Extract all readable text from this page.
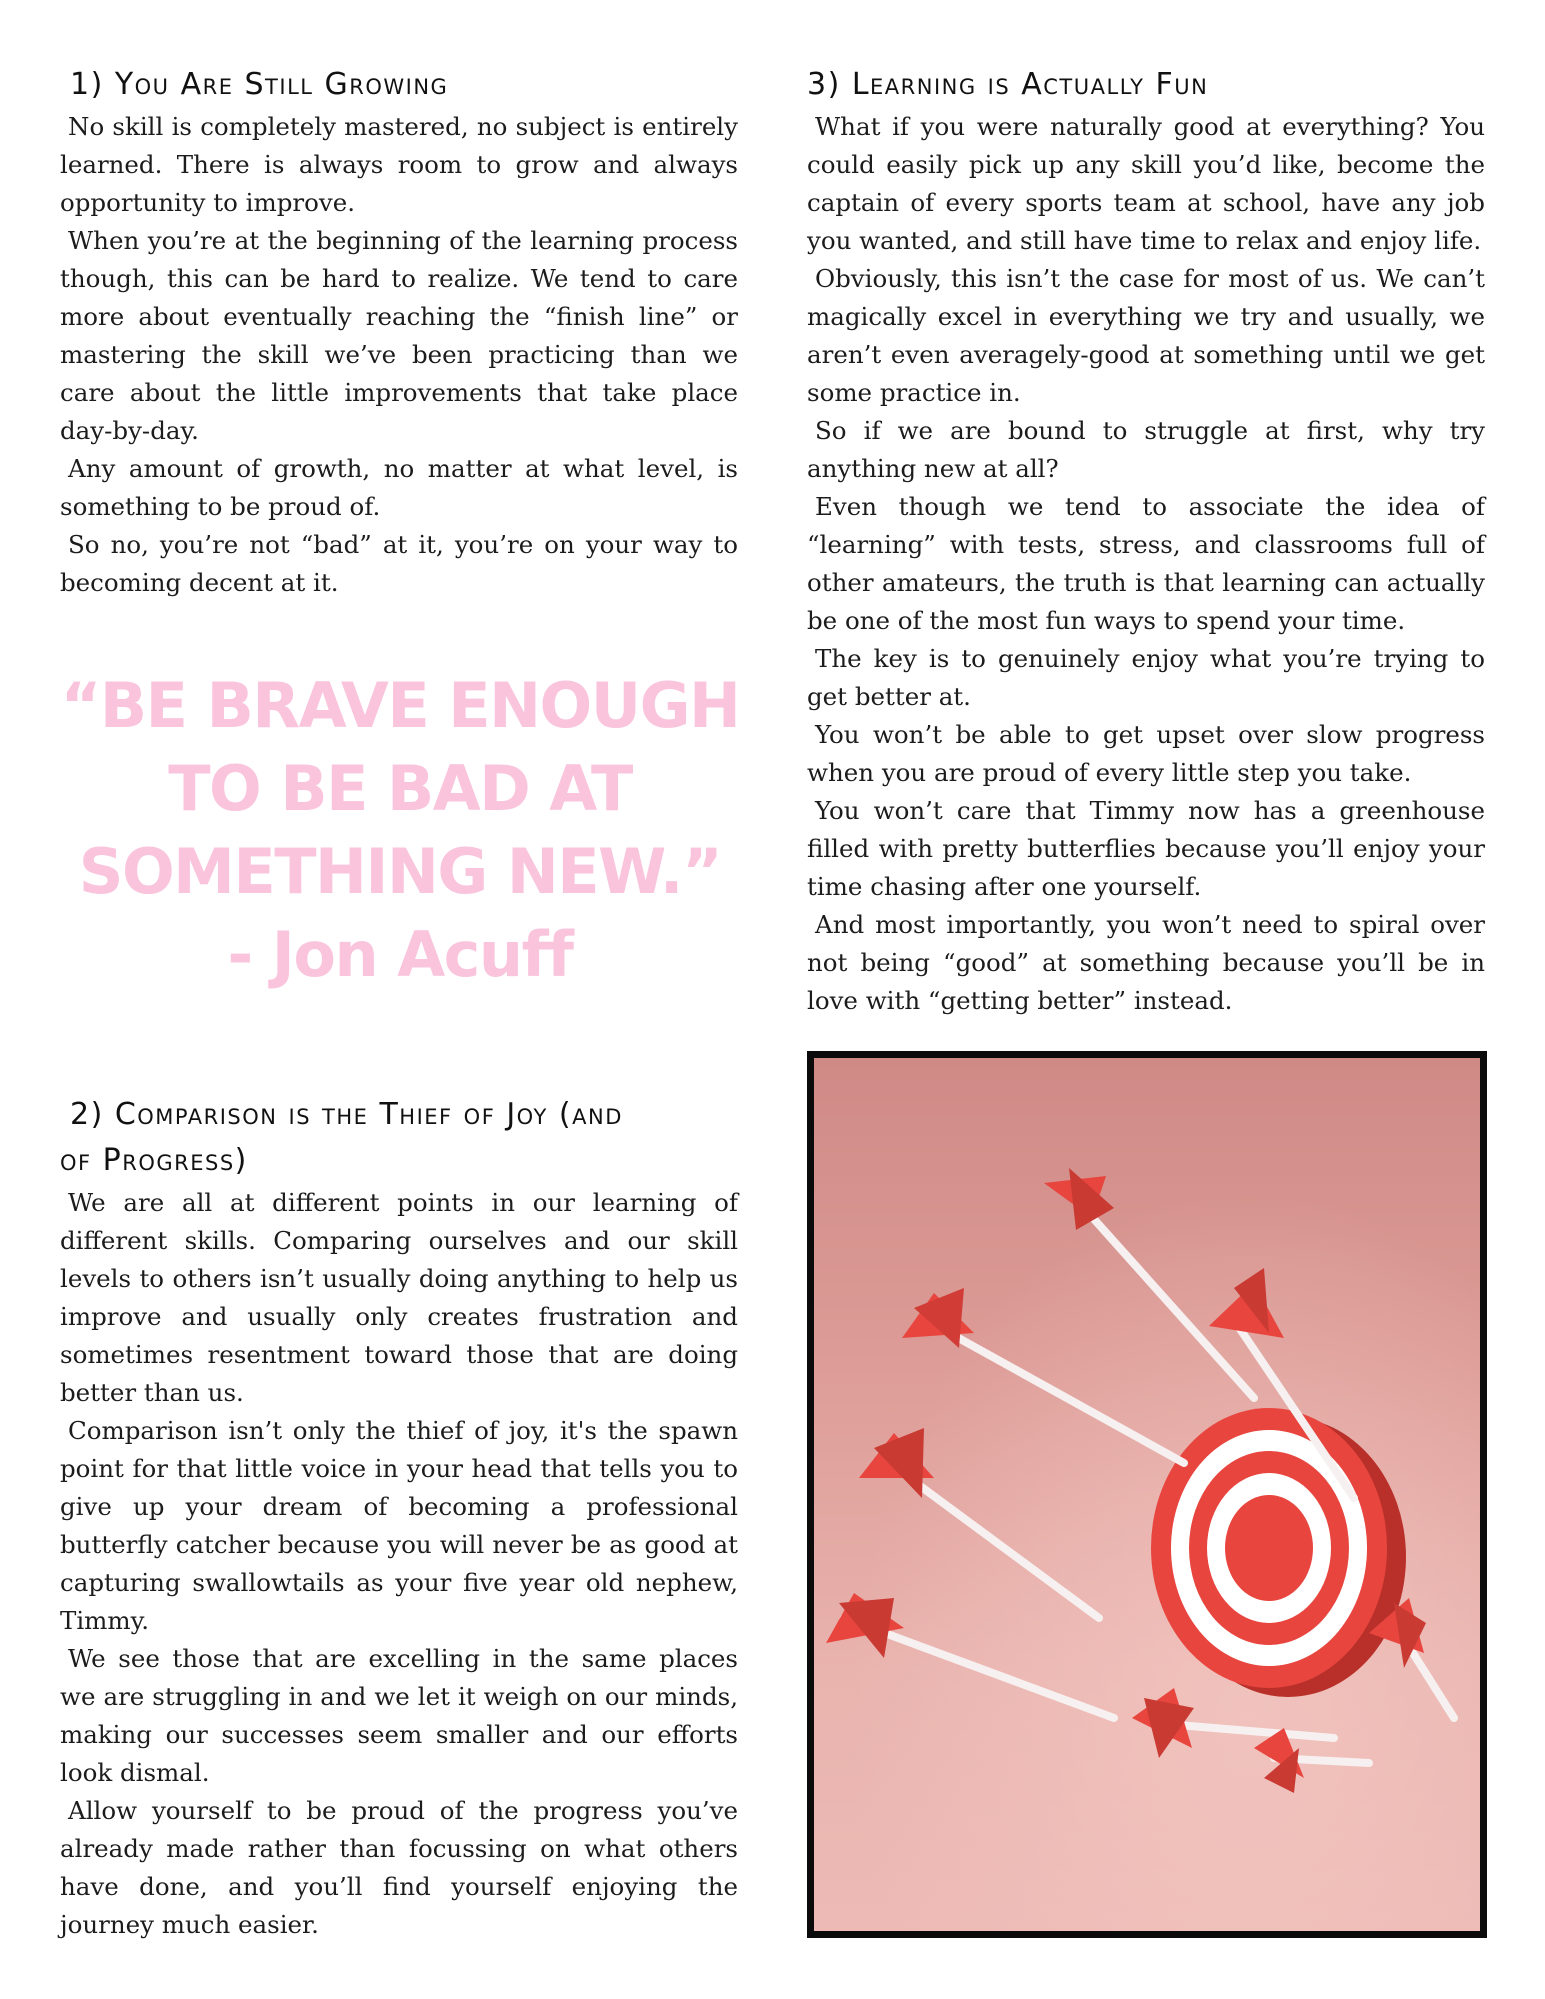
1) You Are Still Growing

No skill is completely mastered, no subject is entirely learned. There is always room to grow and always opportunity to improve.

When you’re at the beginning of the learning process though, this can be hard to realize. We tend to care more about eventually reaching the “finish line” or mastering the skill we’ve been practicing than we care about the little improvements that take place day-by-day.

Any amount of growth, no matter at what level, is something to be proud of.

So no, you’re not “bad” at it, you’re on your way to becoming decent at it.

“BE BRAVE ENOUGH
TO BE BAD AT
SOMETHING NEW.”
- Jon Acuff
2) Comparison is the Thief of Joy (and
of Progress)

We are all at different points in our learning of different skills. Comparing ourselves and our skill levels to others isn’t usually doing anything to help us improve and usually only creates frustration and sometimes resentment toward those that are doing better than us.

Comparison isn’t only the thief of joy, it's the spawn point for that little voice in your head that tells you to give up your dream of becoming a professional butterfly catcher because you will never be as good at capturing swallowtails as your five year old nephew, Timmy.

We see those that are excelling in the same places we are struggling in and we let it weigh on our minds, making our successes seem smaller and our efforts look dismal.

Allow yourself to be proud of the progress you’ve already made rather than focussing on what others have done, and you’ll find yourself enjoying the journey much easier.

3) Learning is Actually Fun

What if you were naturally good at everything? You could easily pick up any skill you’d like, become the captain of every sports team at school, have any job you wanted, and still have time to relax and enjoy life.

Obviously, this isn’t the case for most of us. We can’t magically excel in everything we try and usually, we aren’t even averagely-good at something until we get some practice in.

So if we are bound to struggle at first, why try anything new at all?

Even though we tend to associate the idea of “learning” with tests, stress, and classrooms full of other amateurs, the truth is that learning can actually be one of the most fun ways to spend your time.

The key is to genuinely enjoy what you’re trying to get better at.

You won’t be able to get upset over slow progress when you are proud of every little step you take.

You won’t care that Timmy now has a greenhouse filled with pretty butterflies because you’ll enjoy your time chasing after one yourself.

And most importantly, you won’t need to spiral over not being “good” at something because you’ll be in love with “getting better” instead.
